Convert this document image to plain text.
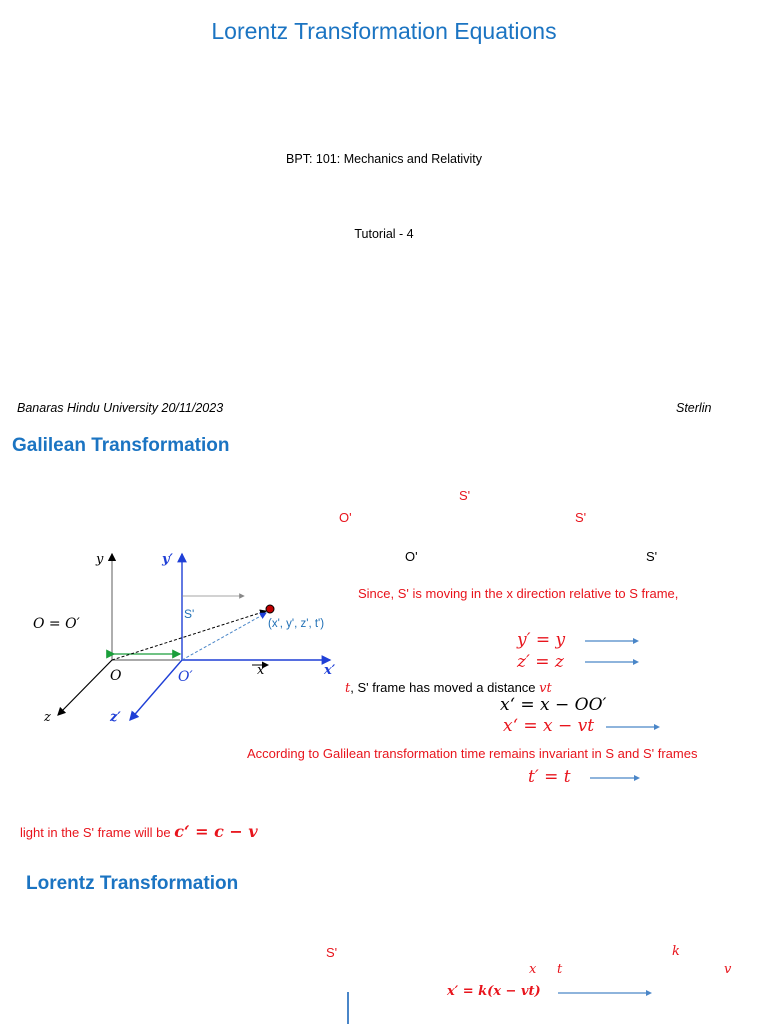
Lorentz Transformation Equations
BPT: 101: Mechanics and Relativity
Tutorial - 4
Banaras Hindu University 20/11/2023	Sterlin
Galilean Transformation
S'
O'	S'
O'	S'
Since, S' is moving in the x direction relative to S frame,
y′ = y
z′ = z
t, S' frame has moved a distance vt
x‘ = x − OO′
x‘ = x − vt
According to Galilean transformation time remains invariant in S and S' frames
t′ = t
light in the S' frame will be c‘ = c − v
O = O′
y	y′
x	x′
z	z′
O	O′
S'
(x', y', z', t')
Lorentz Transformation
S'
x t
k
v
x′ = k(x − vt)
